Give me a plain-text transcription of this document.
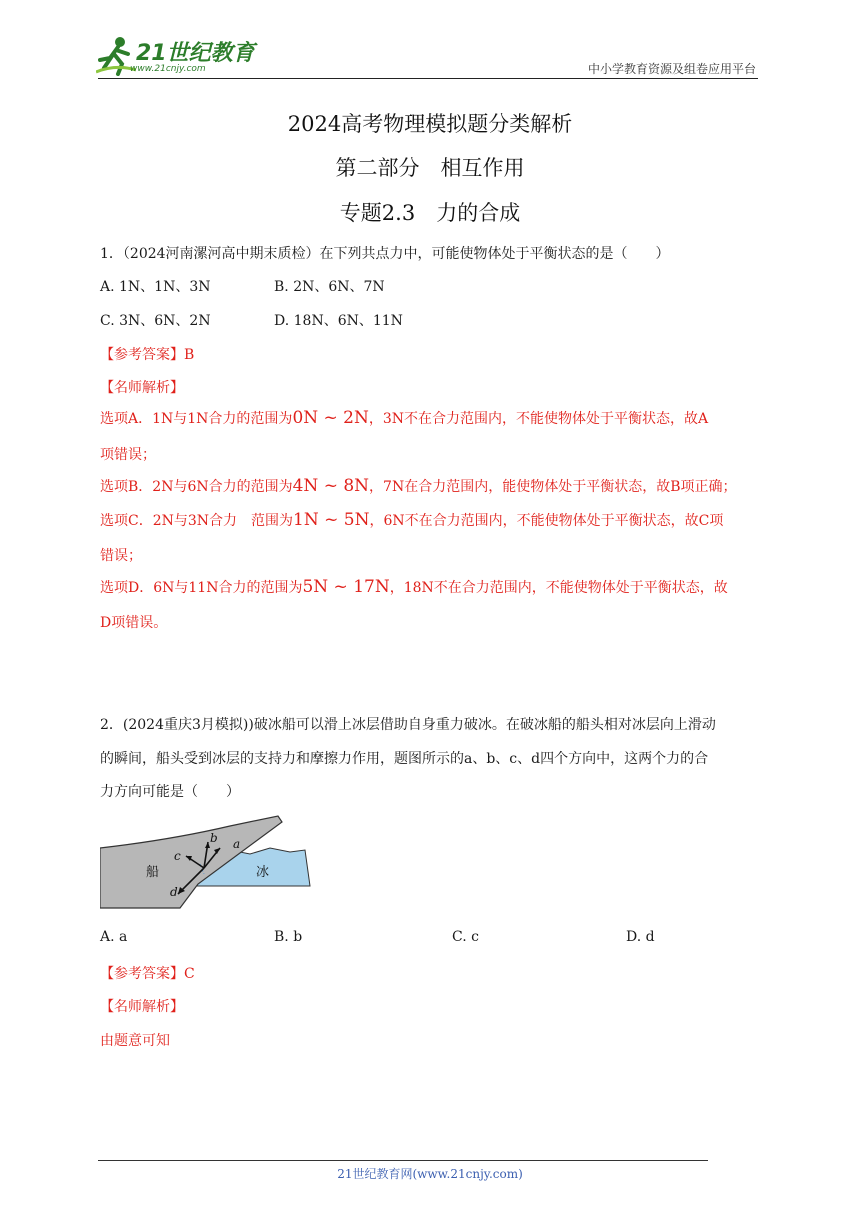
21世纪教育
www.21cnjy.com	中小学教育资源及组卷应用平台
2024高考物理模拟题分类解析
第二部分　相互作用
专题2.3　力的合成
1．（2024河南漯河高中期末质检）在下列共点力中，可能使物体处于平衡状态的是（　　）
A. 1N、1N、3N	B. 2N、6N、7N
C. 3N、6N、2N	D. 18N、6N、11N
【参考答案】B
【名师解析】
选项A．1N与1N合力的范围为0N ~ 2N，3N不在合力范围内，不能使物体处于平衡状态，故A
项错误；
选项B．2N与6N合力的范围为4N ~ 8N，7N在合力范围内，能使物体处于平衡状态，故B项正确；
选项C．2N与3N合力　范围为1N ~ 5N，6N不在合力范围内，不能使物体处于平衡状态，故C项
错误；
选项D．6N与11N合力的范围为5N ~ 17N，18N不在合力范围内，不能使物体处于平衡状态，故
D项错误。
2．(2024重庆3月模拟))破冰船可以滑上冰层借助自身重力破冰。在破冰船的船头相对冰层向上滑动
的瞬间，船头受到冰层的支持力和摩擦力作用，题图所示的a、b、c、d四个方向中，这两个力的合
力方向可能是（　　）
船	冰
a
b
c
d
A. a	B. b	C. c	D. d
【参考答案】C
【名师解析】
由题意可知
21世纪教育网(www.21cnjy.com)
